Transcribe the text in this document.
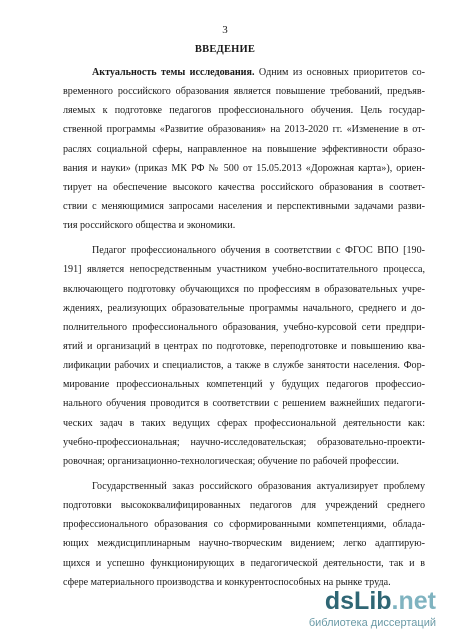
3
ВВЕДЕНИЕ
Актуальность темы исследования. Одним из основных приоритетов со-
временного российского образования является повышение требований, предъяв-
ляемых к подготовке педагогов профессионального обучения. Цель государ-
ственной программы «Развитие образования» на 2013-2020 гг. «Изменение в от-
раслях социальной сферы, направленное на повышение эффективности образо-
вания и науки» (приказ МК РФ № 500 от 15.05.2013 «Дорожная карта»), ориен-
тирует на обеспечение высокого качества российского образования в соответ-
ствии с меняющимися запросами населения и перспективными задачами разви-
тия российского общества и экономики.
Педагог профессионального обучения в соответствии с ФГОС ВПО [190-
191] является непосредственным участником учебно-воспитательного процесса,
включающего подготовку обучающихся по профессиям в образовательных учре-
ждениях, реализующих образовательные программы начального, среднего и до-
полнительного профессионального образования, учебно-курсовой сети предпри-
ятий и организаций в центрах по подготовке, переподготовке и повышению ква-
лификации рабочих и специалистов, а также в службе занятости населения. Фор-
мирование профессиональных компетенций у будущих педагогов профессио-
нального обучения проводится в соответствии с решением важнейших педагоги-
ческих задач в таких ведущих сферах профессиональной деятельности как:
учебно-профессиональная; научно-исследовательская; образовательно-проекти-
ровочная; организационно-технологическая; обучение по рабочей профессии.
Государственный заказ российского образования актуализирует проблему
подготовки высококвалифицированных педагогов для учреждений среднего
профессионального образования со сформированными компетенциями, облада-
ющих междисциплинарным научно-творческим видением; легко адаптирую-
щихся и успешно функционирующих в педагогической деятельности, так и в
сфере материального производства и конкурентоспособных на рынке труда.
dsLib.net
библиотека диссертаций
